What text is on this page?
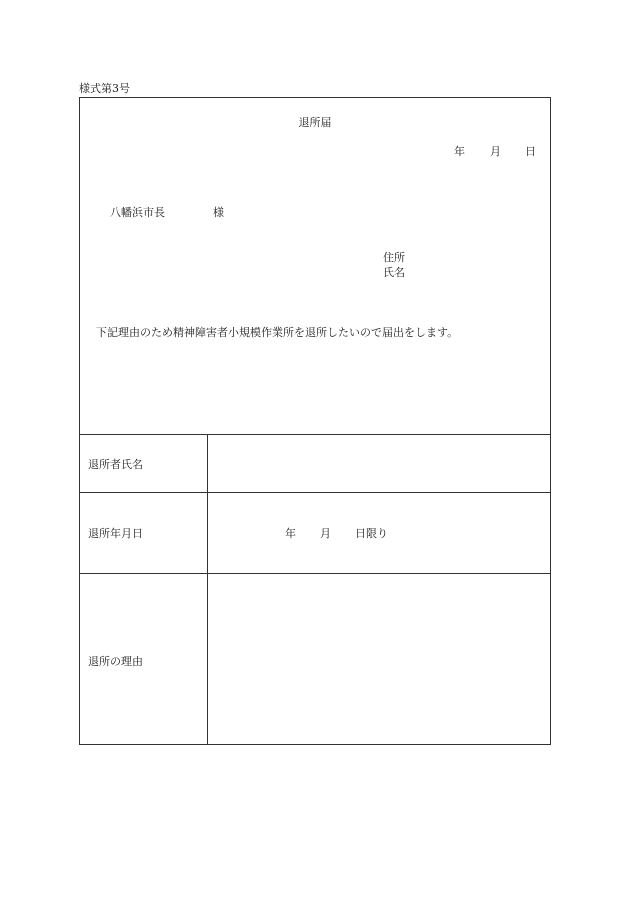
様式第3号
退所届
年 月 日
八幡浜市長	様
住所
氏名
下記理由のため精神障害者小規模作業所を退所したいので届出をします。
退所者氏名
退所年月日	年 月 日限り
退所の理由
